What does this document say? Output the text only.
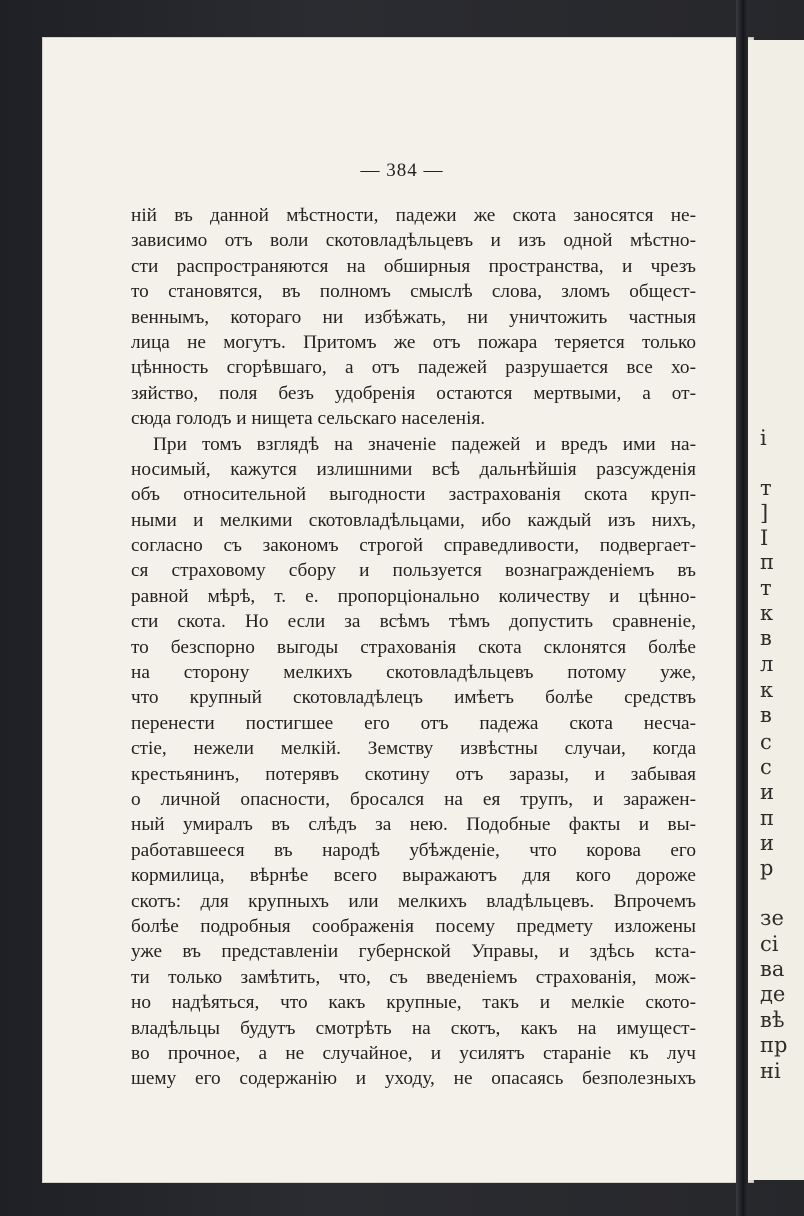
і
т
]
I
п
т
к
в
л
к
в
с
с
и
п
и
р
зе
сі
ва
де
вѣ
пр
ні
— 384 —
ній въ данной мѣстности, падежи же скота заносятся не-
зависимо отъ воли скотовладѣльцевъ и изъ одной мѣстно-
сти распространяются на обширныя пространства, и чрезъ
то становятся, въ полномъ смыслѣ слова, зломъ общест-
веннымъ, котораго ни избѣжать, ни уничтожить частныя
лица не могутъ. Притомъ же отъ пожара теряется только
цѣнность сгорѣвшаго, а отъ падежей разрушается все хо-
зяйство, поля безъ удобренія остаются мертвыми, а от-
сюда голодъ и нищета сельскаго населенія.
При томъ взглядѣ на значеніе падежей и вредъ ими на-
носимый, кажутся излишними всѣ дальнѣйшія разсужденія
объ относительной выгодности застрахованія скота круп-
ными и мелкими скотовладѣльцами, ибо каждый изъ нихъ,
согласно съ закономъ строгой справедливости, подвергает-
ся страховому сбору и пользуется вознагражденіемъ въ
равной мѣрѣ, т. е. пропорціонально количеству и цѣнно-
сти скота. Но если за всѣмъ тѣмъ допустить сравненіе,
то безспорно выгоды страхованія скота склонятся болѣе
на сторону мелкихъ скотовладѣльцевъ потому уже,
что крупный скотовладѣлецъ имѣетъ болѣе средствъ
перенести постигшее его отъ падежа скота несча-
стіе, нежели мелкій. Земству извѣстны случаи, когда
крестьянинъ, потерявъ скотину отъ заразы, и забывая
о личной опасности, бросался на ея трупъ, и заражен-
ный умиралъ въ слѣдъ за нею. Подобные факты и вы-
работавшееся въ народѣ убѣжденіе, что корова его
кормилица, вѣрнѣе всего выражаютъ для кого дороже
скотъ: для крупныхъ или мелкихъ владѣльцевъ. Впрочемъ
болѣе подробныя соображенія посему предмету изложены
уже въ представленіи губернской Управы, и здѣсь кста-
ти только замѣтить, что, съ введеніемъ страхованія, мож-
но надѣяться, что какъ крупные, такъ и мелкіе ското-
владѣльцы будутъ смотрѣть на скотъ, какъ на имущест-
во прочное, а не случайное, и усилятъ стараніе къ луч
шему его содержанію и уходу, не опасаясь безполезныхъ
